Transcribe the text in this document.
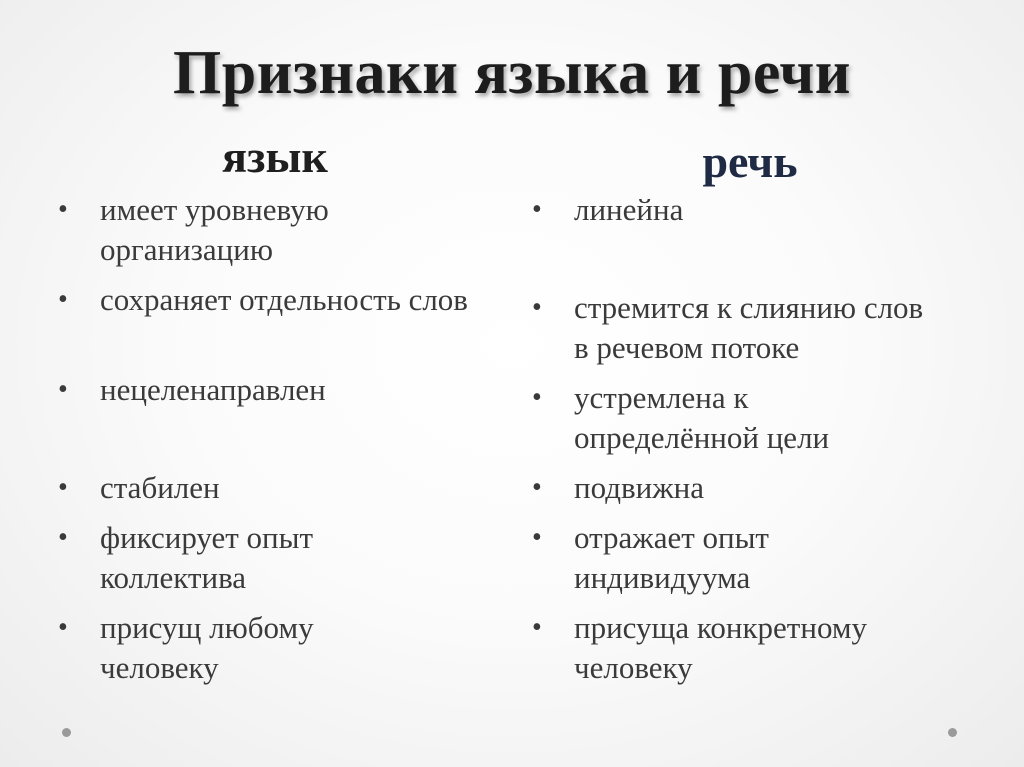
Признаки языка и речи
язык	речь
• имеет уровневую организацию
• сохраняет отдельность слов
• нецеленаправлен
• стабилен
• фиксирует опыт коллектива
• присущ любому человеку
• линейна
• стремится к слиянию слов в речевом потоке
• устремлена к определённой цели
• подвижна
• отражает опыт индивидуума
• присуща конкретному человеку
